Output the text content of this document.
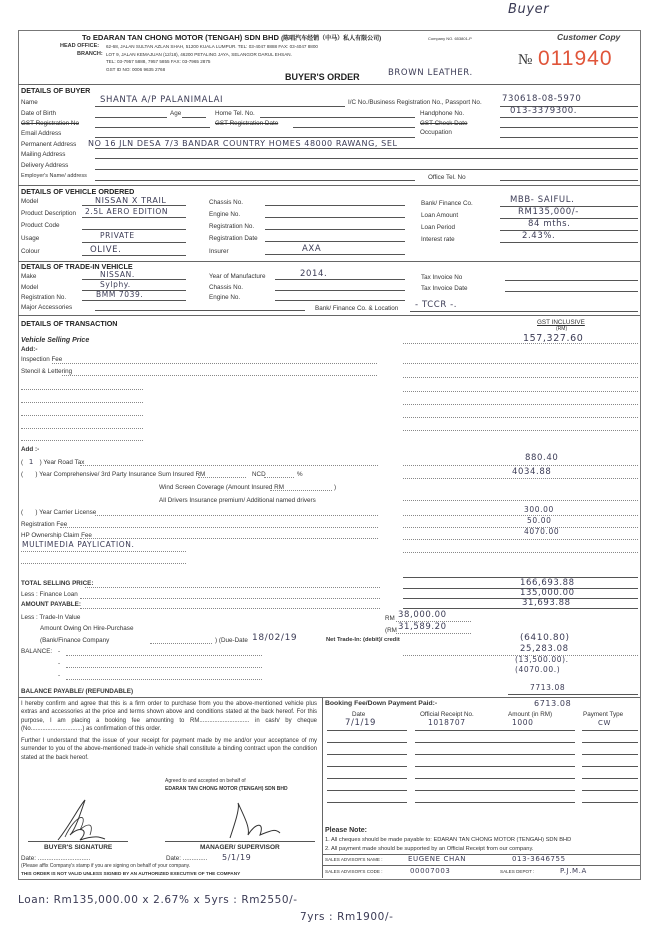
Buyer
To EDARAN TAN CHONG MOTOR (TENGAH) SDN BHD (陈唱汽车经销（中马）私人有限公司)	Company NO. 653801-P	Customer Copy
HEAD OFFICE: 62-68, JALAN SULTAN AZLAN SHAH, 51200 KUALA LUMPUR. TEL: 03-4047 8888 FAX: 03-4047 8800
BRANCH: LOT 9, JALAN KEMAJUAN (12/18), 46200 PETALING JAYA, SELANGOR DARUL EHSAN.
TEL: 03-7957 5888, 7957 5855 FAX: 03-7965 2875
GST ID NO: 0006 9635 2768
№ 011940
BUYER'S ORDER	BROWN LEATHER.
DETAILS OF BUYER
Name	SHANTA A/P PALANIMALAI	I/C No./Business Registration No., Passport No. 730618-08-5970
Date of Birth	Age	Home Tel. No.	Handphone No.	013-3379300.
GST Registration No	GST Registration Date	GST Check Date
Email Address	Occupation
Permanent Address NO 16 JLN DESA 7/3 BANDAR COUNTRY HOMES 48000 RAWANG, SEL
Mailing Address
Delivery Address
Employer's Name/ address	Office Tel. No
DETAILS OF VEHICLE ORDERED
Model	NISSAN X TRAIL
Product Description 2.5L AERO EDITION
Product Code
Usage	PRIVATE
Colour	OLIVE.
Chassis No.
Engine No.
Registration No.
Registration Date
Insurer	AXA
Bank/ Finance Co.	MBB- SAIFUL.
Loan Amount	RM135,000/-
Loan Period	84 mths.
Interest rate	2.43%.
DETAILS OF TRADE-IN VEHICLE
Make	NISSAN.
Model	Sylphy.
Registration No.	BMM 7039.
Major Accessories
Year of Manufacture	2014.
Chassis No.
Engine No.
Tax Invoice No
Tax Invoice Date
Bank/ Finance Co. & Location - TCCR -.
DETAILS OF TRANSACTION	GST INCLUSIVE
(RM)
Vehicle Selling Price	157,327.60
Add:-
Inspection Fee
Stencil & Lettering
Add :-
( 1 ) Year Road Tax	880.40
(       ) Year Comprehensive/ 3rd Party Insurance Sum Insured RM	NCD	%	4034.88
Wind Screen Coverage (Amount Insured RM	)
All Drivers Insurance premium/ Additional named drivers
(       ) Year Carrier License	300.00
Registration Fee	50.00
HP Ownership Claim Fee	4070.00
MULTIMEDIA PAYLICATION.
TOTAL SELLING PRICE:	166,693.88
Less : Finance Loan	135,000.00
AMOUNT PAYABLE:	31,693.88
Less : Trade-In Value	RM 38,000.00
Amount Owing On Hire-Purchase	(RM 31,589.20
(Bank/Finance Company	) (Due-Date 18/02/19	Net Trade-In: (debit)/ credit	(6410.80)
BALANCE: -
-
-
25,283.08
(13,500.00).
(4070.00.)
BALANCE PAYABLE/ (REFUNDABLE)	7713.08
I hereby confirm and agree that this is a firm order to purchase from you the above-mentioned vehicle plus extras and accessories at the price and terms shown above and conditions stated at the back hereof. For this purpose, I am placing a booking fee amounting to RM.............................. in cash/ by cheque (No...............................) as confirmation of this order.
Further I understand that the issue of your receipt for payment made by me and/or your acceptance of my surrender to you of the above-mentioned trade-in vehicle shall constitute a binding contract upon the condition stated at the back hereof.
Agreed to and accepted on behalf of
EDARAN TAN CHONG MOTOR (TENGAH) SDN BHD
BUYER'S SIGNATURE	MANAGER/ SUPERVISOR
Date: ..............................	Date: .............. 5/1/19
(Please affix Company's stamp if you are signing on behalf of your company.
THIS ORDER IS NOT VALID UNLESS SIGNED BY AN AUTHORIZED EXECUTIVE OF THE COMPANY
Booking Fee/Down Payment Paid:-	6713.08
Date	Official Receipt No.	Amount (in RM)	Payment Type
7/1/19	1018707	1000	CW
Please Note:
1. All cheques should be made payable to: EDARAN TAN CHONG MOTOR (TENGAH) SDN BHD
2. All payment made should be supported by an Official Receipt from our company.
SALES ADVISOR'S NAME :	EUGENE CHAN	013-3646755
SALES ADVISOR'S CODE :	00007003	SALES DEPOT :	P.J.M.A
Loan: Rm135,000.00 x 2.67% x 5yrs : Rm2550/-
7yrs : Rm1900/-
